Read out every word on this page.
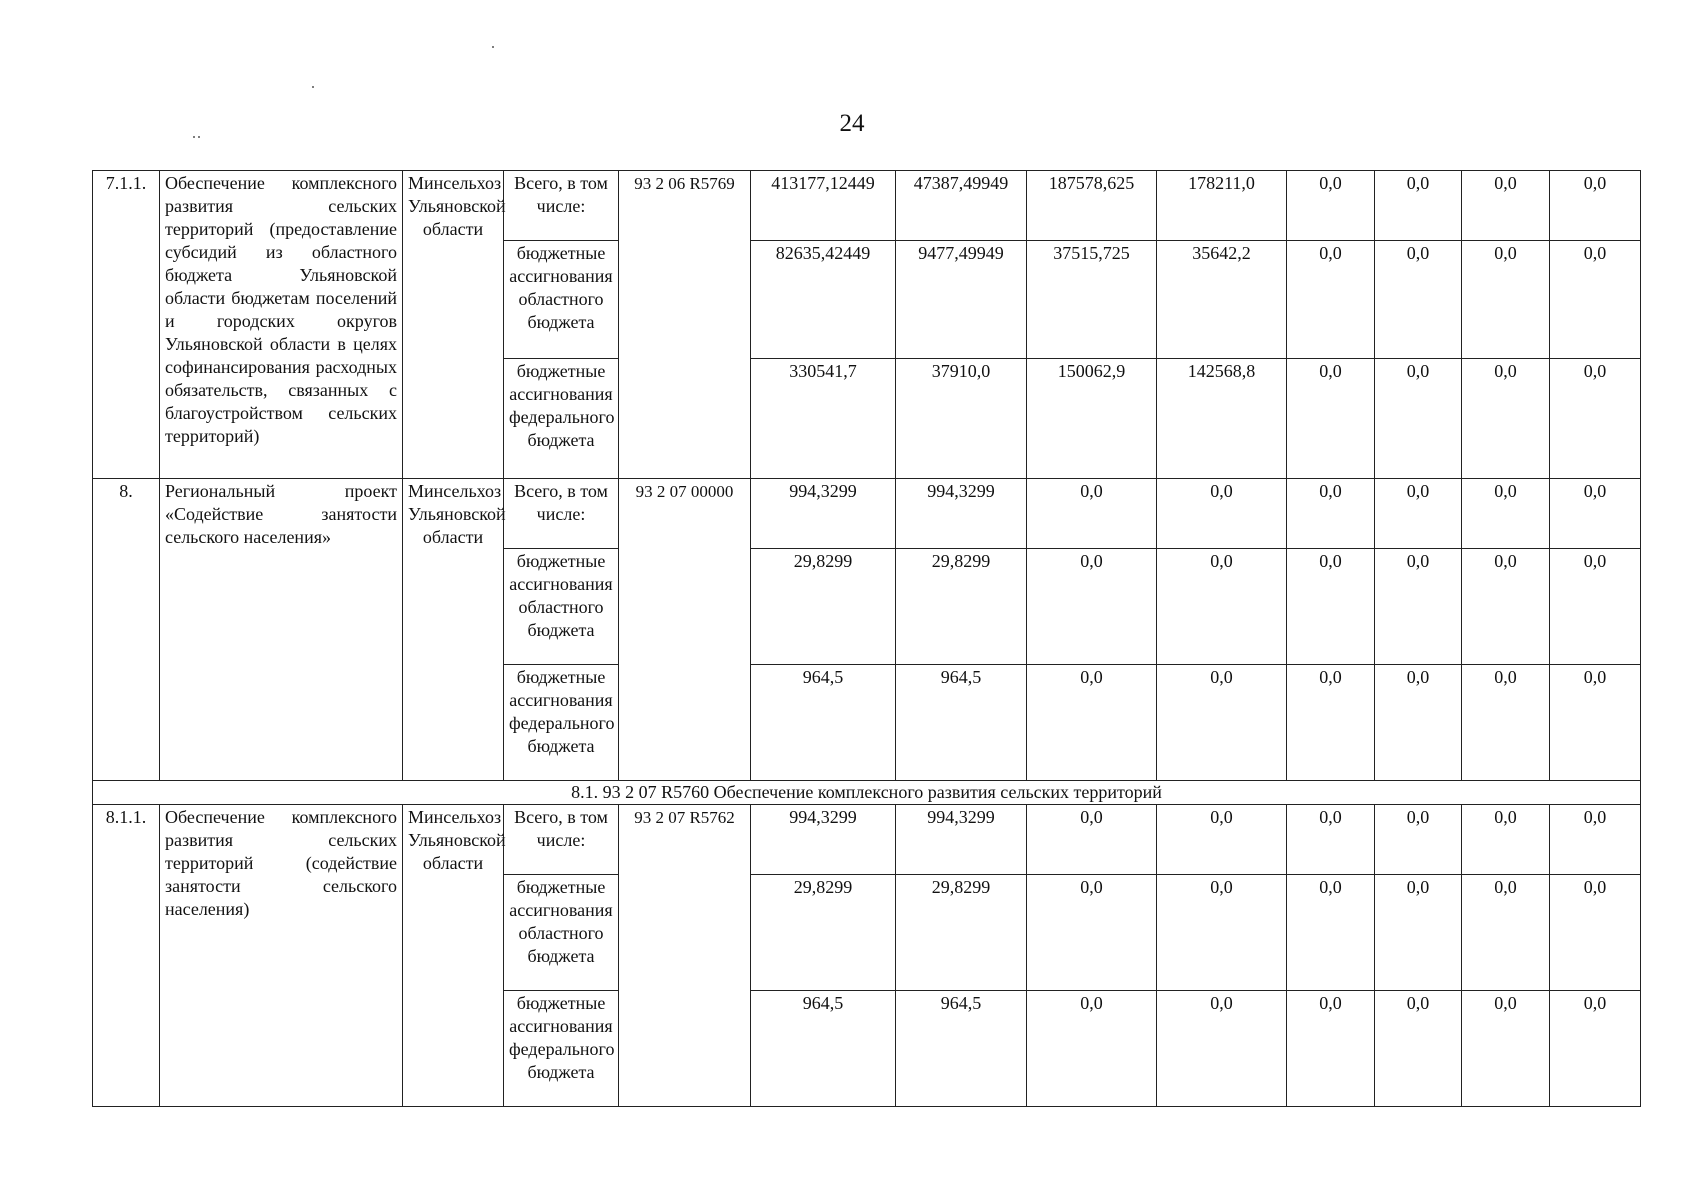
24
7.1.1.	Обеспечение комплексного развития сельских территорий (предоставление субсидий из областного бюджета Ульяновской области бюджетам поселений и городских округов Ульяновской области в целях софинансирования расходных обязательств, связанных с благоустройством сельских территорий)	Минсельхоз Ульяновской области	Всего, в том числе:	93 2 06 R5769	413177,12449	47387,49949	187578,625	178211,0	0,0	0,0	0,0	0,0
			бюджетные ассигнования областного бюджета		82635,42449	9477,49949	37515,725	35642,2	0,0	0,0	0,0	0,0
			бюджетные ассигнования федерального бюджета		330541,7	37910,0	150062,9	142568,8	0,0	0,0	0,0	0,0
8.	Региональный проект «Содействие занятости сельского населения»	Минсельхоз Ульяновской области	Всего, в том числе:	93 2 07 00000	994,3299	994,3299	0,0	0,0	0,0	0,0	0,0	0,0
			бюджетные ассигнования областного бюджета		29,8299	29,8299	0,0	0,0	0,0	0,0	0,0	0,0
			бюджетные ассигнования федерального бюджета		964,5	964,5	0,0	0,0	0,0	0,0	0,0	0,0
8.1. 93 2 07 R5760 Обеспечение комплексного развития сельских территорий												
8.1.1.	Обеспечение комплексного развития сельских территорий (содействие занятости сельского населения)	Минсельхоз Ульяновской области	Всего, в том числе:	93 2 07 R5762	994,3299	994,3299	0,0	0,0	0,0	0,0	0,0	0,0
			бюджетные ассигнования областного бюджета		29,8299	29,8299	0,0	0,0	0,0	0,0	0,0	0,0
			бюджетные ассигнования федерального бюджета		964,5	964,5	0,0	0,0	0,0	0,0	0,0	0,0
